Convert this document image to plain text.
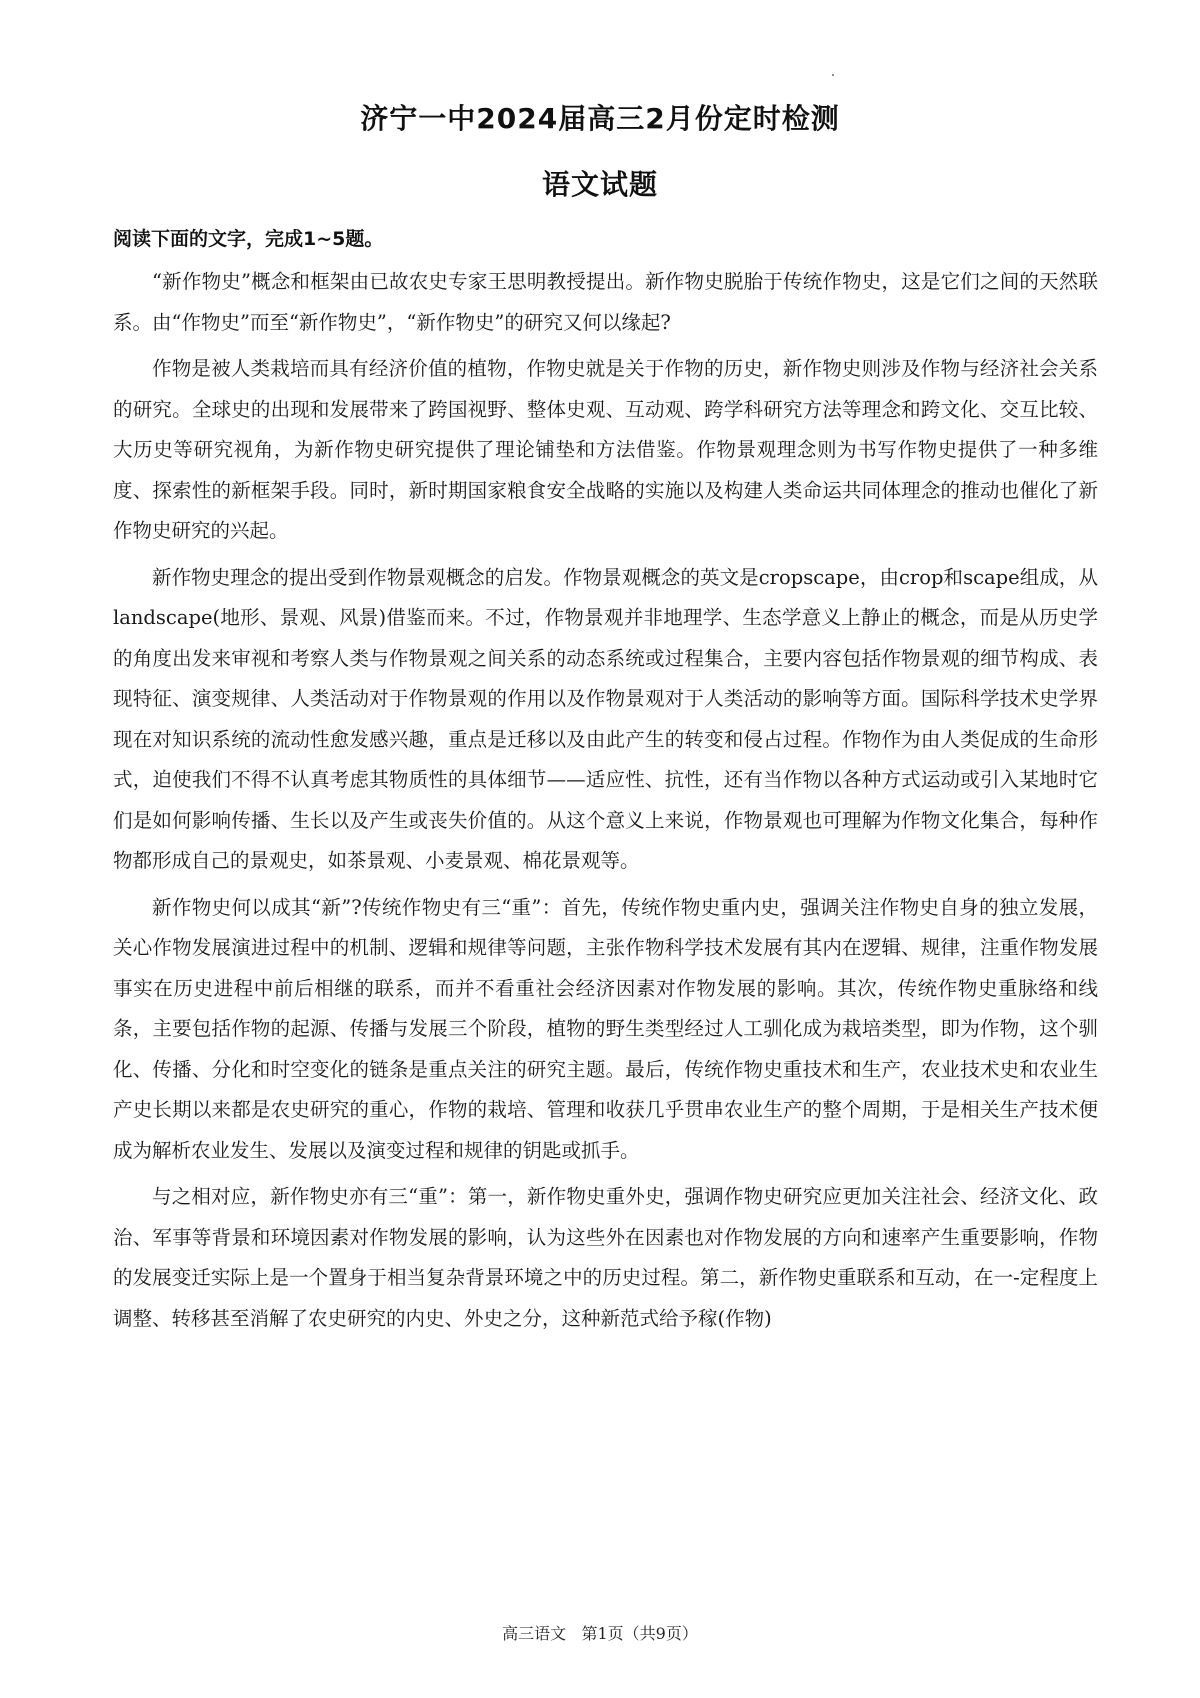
济宁一中2024届高三2月份定时检测
语文试题
阅读下面的文字，完成1~5题。

“新作物史”概念和框架由已故农史专家王思明教授提出。新作物史脱胎于传统作物史，这是它们之间的天然联系。由“作物史”而至“新作物史”，“新作物史”的研究又何以缘起?

作物是被人类栽培而具有经济价值的植物，作物史就是关于作物的历史，新作物史则涉及作物与经济社会关系的研究。全球史的出现和发展带来了跨国视野、整体史观、互动观、跨学科研究方法等理念和跨文化、交互比较、大历史等研究视角，为新作物史研究提供了理论铺垫和方法借鉴。作物景观理念则为书写作物史提供了一种多维度、探索性的新框架手段。同时，新时期国家粮食安全战略的实施以及构建人类命运共同体理念的推动也催化了新作物史研究的兴起。

新作物史理念的提出受到作物景观概念的启发。作物景观概念的英文是cropscape，由crop和scape组成，从landscape(地形、景观、风景)借鉴而来。不过，作物景观并非地理学、生态学意义上静止的概念，而是从历史学的角度出发来审视和考察人类与作物景观之间关系的动态系统或过程集合，主要内容包括作物景观的细节构成、表现特征、演变规律、人类活动对于作物景观的作用以及作物景观对于人类活动的影响等方面。国际科学技术史学界现在对知识系统的流动性愈发感兴趣，重点是迁移以及由此产生的转变和侵占过程。作物作为由人类促成的生命形式，迫使我们不得不认真考虑其物质性的具体细节——适应性、抗性，还有当作物以各种方式运动或引入某地时它们是如何影响传播、生长以及产生或丧失价值的。从这个意义上来说，作物景观也可理解为作物文化集合，每种作物都形成自己的景观史，如茶景观、小麦景观、棉花景观等。

新作物史何以成其“新”?传统作物史有三“重”：首先，传统作物史重内史，强调关注作物史自身的独立发展，关心作物发展演进过程中的机制、逻辑和规律等问题，主张作物科学技术发展有其内在逻辑、规律，注重作物发展事实在历史进程中前后相继的联系，而并不看重社会经济因素对作物发展的影响。其次，传统作物史重脉络和线条，主要包括作物的起源、传播与发展三个阶段，植物的野生类型经过人工驯化成为栽培类型，即为作物，这个驯化、传播、分化和时空变化的链条是重点关注的研究主题。最后，传统作物史重技术和生产，农业技术史和农业生产史长期以来都是农史研究的重心，作物的栽培、管理和收获几乎贯串农业生产的整个周期，于是相关生产技术便成为解析农业发生、发展以及演变过程和规律的钥匙或抓手。

与之相对应，新作物史亦有三“重”：第一，新作物史重外史，强调作物史研究应更加关注社会、经济文化、政治、军事等背景和环境因素对作物发展的影响，认为这些外在因素也对作物发展的方向和速率产生重要影响，作物的发展变迁实际上是一个置身于相当复杂背景环境之中的历史过程。第二，新作物史重联系和互动，在一-定程度上调整、转移甚至消解了农史研究的内史、外史之分，这种新范式给予稼(作物)

高三语文 第1页（共9页）
